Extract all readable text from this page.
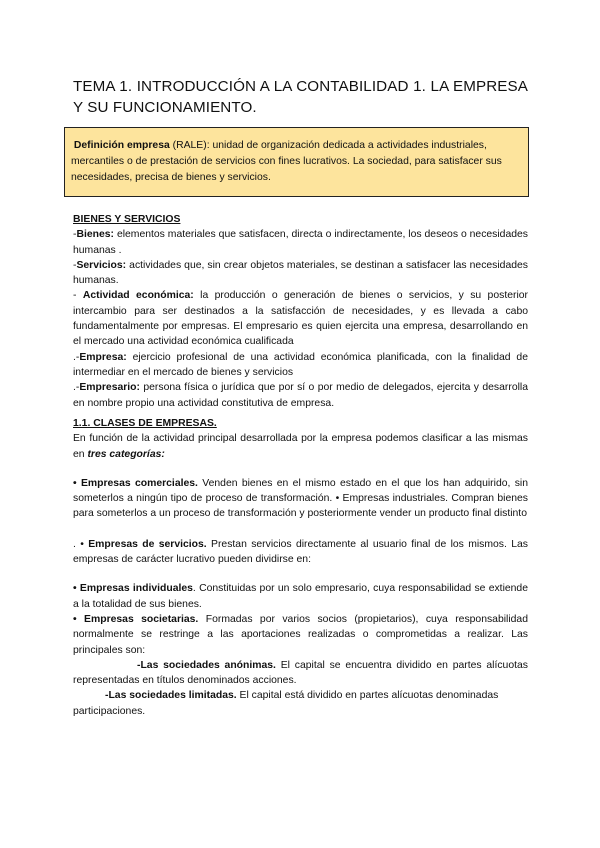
TEMA 1. INTRODUCCIÓN A LA CONTABILIDAD 1. LA EMPRESA Y SU FUNCIONAMIENTO.

Definición empresa (RALE): unidad de organización dedicada a actividades industriales, mercantiles o de prestación de servicios con fines lucrativos. La sociedad, para satisfacer sus necesidades, precisa de bienes y servicios.

BIENES Y SERVICIOS

-Bienes: elementos materiales que satisfacen, directa o indirectamente, los deseos o necesidades humanas .

-Servicios: actividades que, sin crear objetos materiales, se destinan a satisfacer las necesidades humanas.

- Actividad económica: la producción o generación de bienes o servicios, y su posterior intercambio para ser destinados a la satisfacción de necesidades, y es llevada a cabo fundamentalmente por empresas. El empresario es quien ejercita una empresa, desarrollando en el mercado una actividad económica cualificada

.-Empresa: ejercicio profesional de una actividad económica planificada, con la finalidad de intermediar en el mercado de bienes y servicios

.-Empresario: persona física o jurídica que por sí o por medio de delegados, ejercita y desarrolla en nombre propio una actividad constitutiva de empresa.

1.1. CLASES DE EMPRESAS.

En función de la actividad principal desarrollada por la empresa podemos clasificar a las mismas en tres categorías:

• Empresas comerciales. Venden bienes en el mismo estado en el que los han adquirido, sin someterlos a ningún tipo de proceso de transformación. • Empresas industriales. Compran bienes para someterlos a un proceso de transformación y posteriormente vender un producto final distinto

. • Empresas de servicios. Prestan servicios directamente al usuario final de los mismos. Las empresas de carácter lucrativo pueden dividirse en:

• Empresas individuales. Constituidas por un solo empresario, cuya responsabilidad se extiende a la totalidad de sus bienes.

• Empresas societarias. Formadas por varios socios (propietarios), cuya responsabilidad normalmente se restringe a las aportaciones realizadas o comprometidas a realizar. Las principales son:

-Las sociedades anónimas. El capital se encuentra dividido en partes alícuotas representadas en títulos denominados acciones.

-Las sociedades limitadas. El capital está dividido en partes alícuotas denominadas participaciones.
